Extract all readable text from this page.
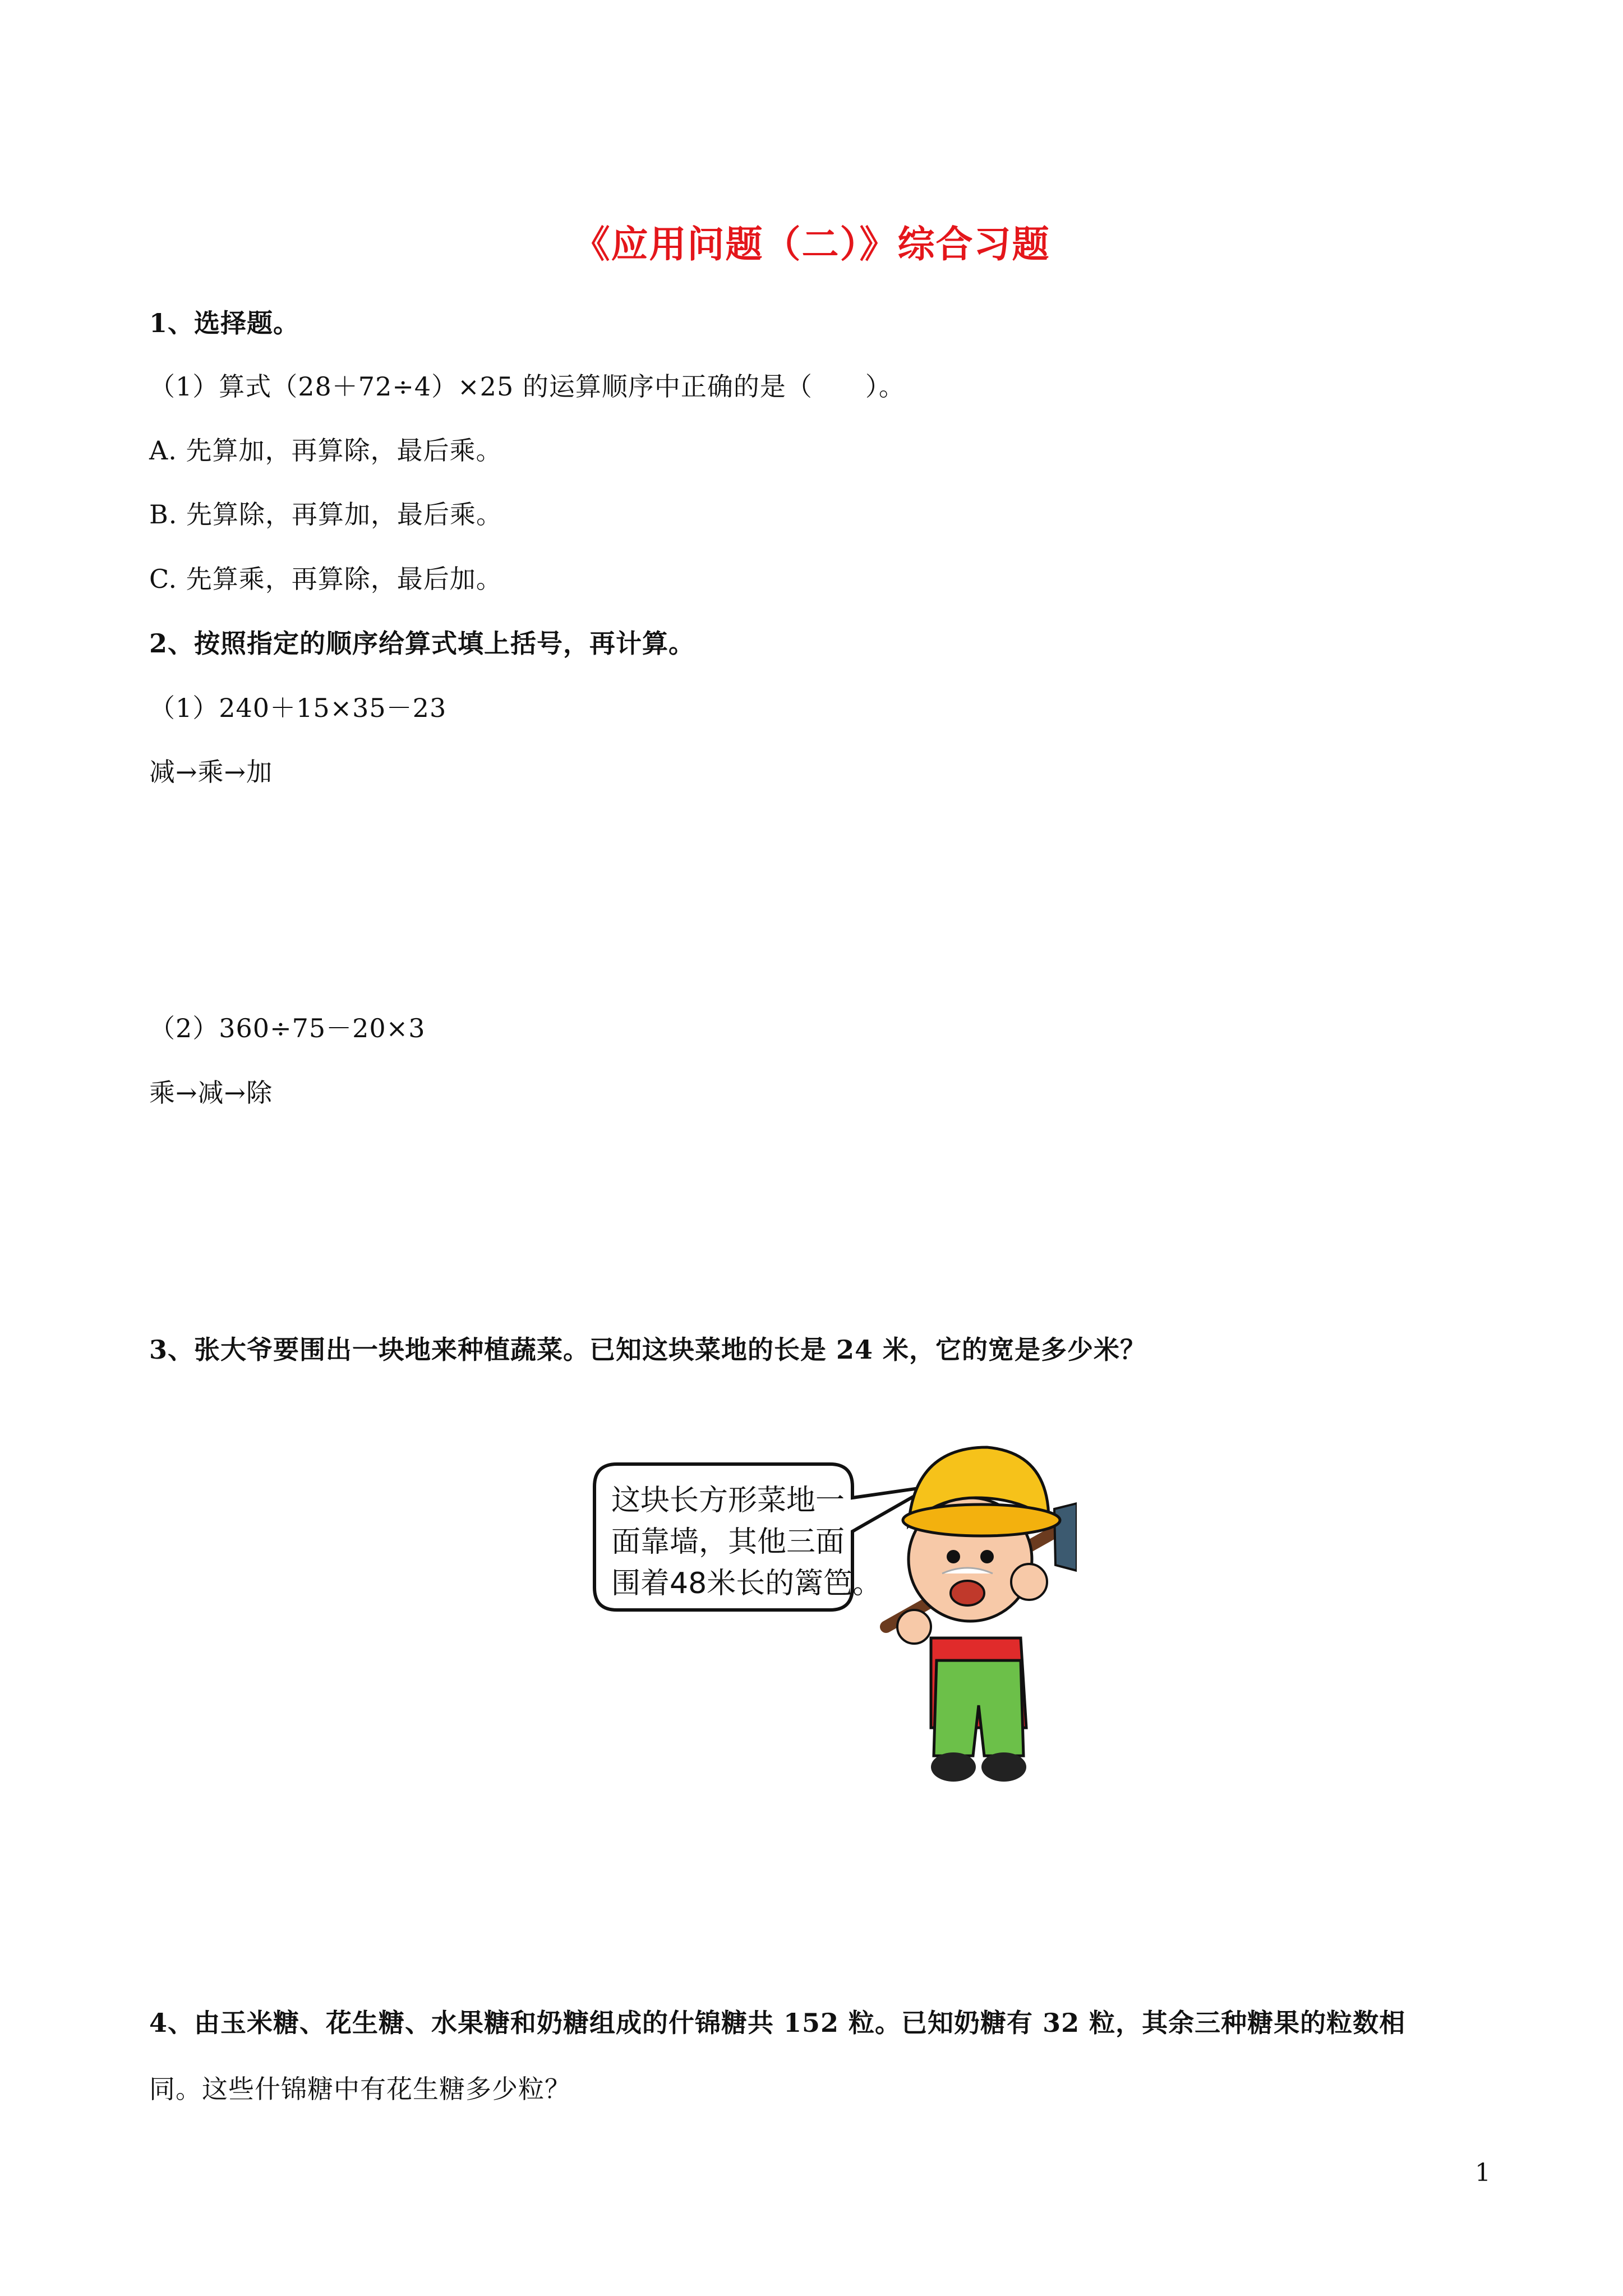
《应用问题（二）》综合习题
1、选择题。
（1）算式（28＋72÷4）×25 的运算顺序中正确的是（　　）。
A. 先算加，再算除，最后乘。
B. 先算除，再算加，最后乘。
C. 先算乘，再算除，最后加。
2、按照指定的顺序给算式填上括号，再计算。
（1）240＋15×35－23
减→乘→加
（2）360÷75－20×3
乘→减→除
3、张大爷要围出一块地来种植蔬菜。已知这块菜地的长是 24 米，它的宽是多少米？
这块长方形菜地一
面靠墙，其他三面
围着48米长的篱笆。
4、由玉米糖、花生糖、水果糖和奶糖组成的什锦糖共 152 粒。已知奶糖有 32 粒，其余三种糖果的粒数相
同。这些什锦糖中有花生糖多少粒？
1
